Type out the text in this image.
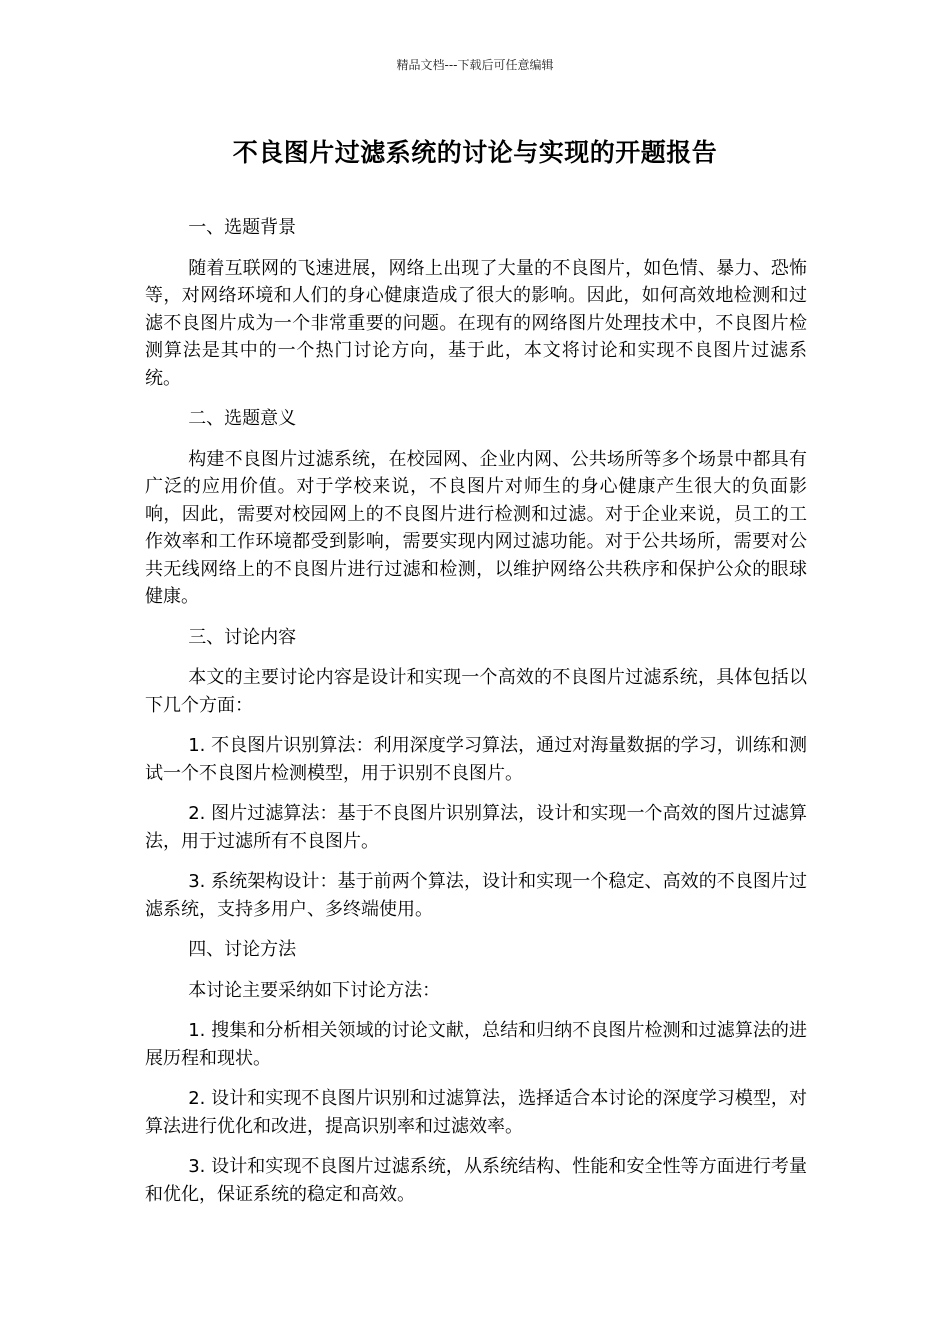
精品文档---下载后可任意编辑
不良图片过滤系统的讨论与实现的开题报告

一、选题背景

随着互联网的飞速进展，网络上出现了大量的不良图片，如色情、暴力、恐怖等，对网络环境和人们的身心健康造成了很大的影响。因此，如何高效地检测和过滤不良图片成为一个非常重要的问题。在现有的网络图片处理技术中，不良图片检测算法是其中的一个热门讨论方向，基于此，本文将讨论和实现不良图片过滤系统。

二、选题意义

构建不良图片过滤系统，在校园网、企业内网、公共场所等多个场景中都具有广泛的应用价值。对于学校来说，不良图片对师生的身心健康产生很大的负面影响，因此，需要对校园网上的不良图片进行检测和过滤。对于企业来说，员工的工作效率和工作环境都受到影响，需要实现内网过滤功能。对于公共场所，需要对公共无线网络上的不良图片进行过滤和检测，以维护网络公共秩序和保护公众的眼球健康。

三、讨论内容

本文的主要讨论内容是设计和实现一个高效的不良图片过滤系统，具体包括以下几个方面：

1. 不良图片识别算法：利用深度学习算法，通过对海量数据的学习，训练和测试一个不良图片检测模型，用于识别不良图片。

2. 图片过滤算法：基于不良图片识别算法，设计和实现一个高效的图片过滤算法，用于过滤所有不良图片。

3. 系统架构设计：基于前两个算法，设计和实现一个稳定、高效的不良图片过滤系统，支持多用户、多终端使用。

四、讨论方法

本讨论主要采纳如下讨论方法：

1. 搜集和分析相关领域的讨论文献，总结和归纳不良图片检测和过滤算法的进展历程和现状。

2. 设计和实现不良图片识别和过滤算法，选择适合本讨论的深度学习模型，对算法进行优化和改进，提高识别率和过滤效率。

3. 设计和实现不良图片过滤系统，从系统结构、性能和安全性等方面进行考量和优化，保证系统的稳定和高效。
